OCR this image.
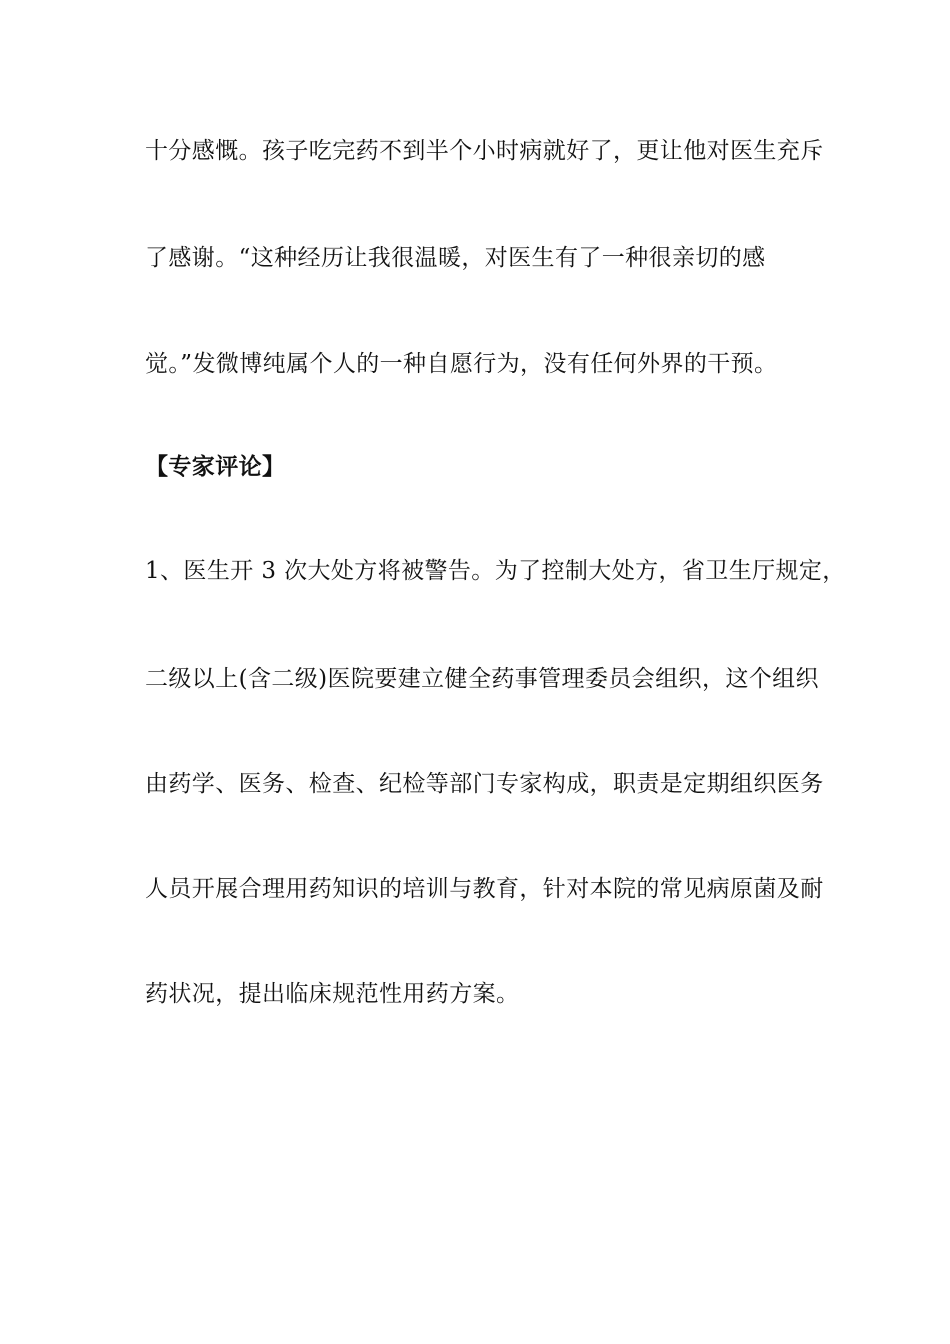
十分感慨。孩子吃完药不到半个小时病就好了，更让他对医生充斥
了感谢。“这种经历让我很温暖，对医生有了一种很亲切的感
觉。”发微博纯属个人的一种自愿行为，没有任何外界的干预。
【专家评论】
1、医生开 3 次大处方将被警告。为了控制大处方，省卫生厅规定，
二级以上(含二级)医院要建立健全药事管理委员会组织，这个组织
由药学、医务、检查、纪检等部门专家构成，职责是定期组织医务
人员开展合理用药知识的培训与教育，针对本院的常见病原菌及耐
药状况，提出临床规范性用药方案。
